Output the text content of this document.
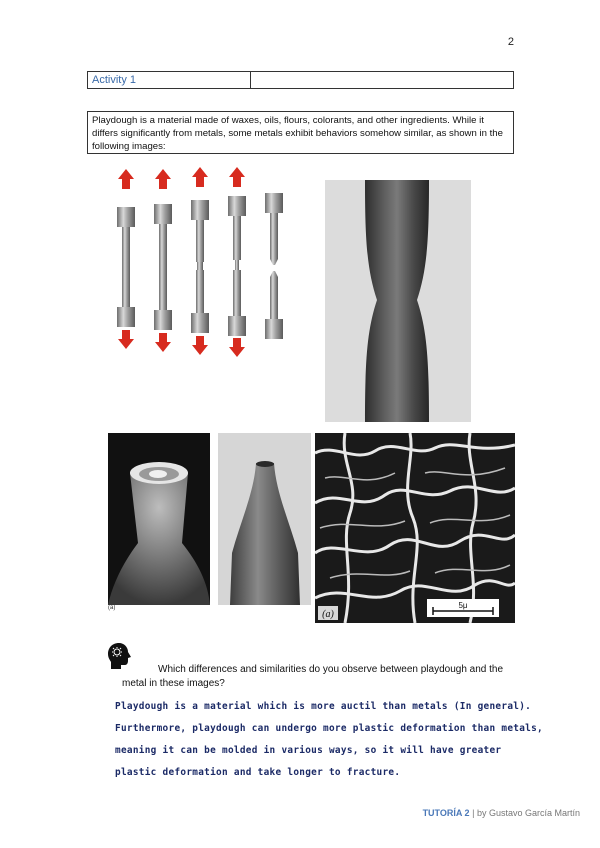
2
Activity 1
Playdough is a material made of waxes, oils, flours, colorants, and other ingredients. While it differs significantly from metals, some metals exhibit behaviors somehow similar, as shown in the following images:
(a)
(a)
5μ
Which differences and similarities do you observe between playdough and the
metal in these images?
Playdough is a material which is more auctil than metals (In general).
Furthermore, playdough can undergo more plastic deformation than metals,
meaning it can be molded in various ways, so it will have greater
plastic deformation and take longer to fracture.
TUTORÍA 2 | by Gustavo García Martín
